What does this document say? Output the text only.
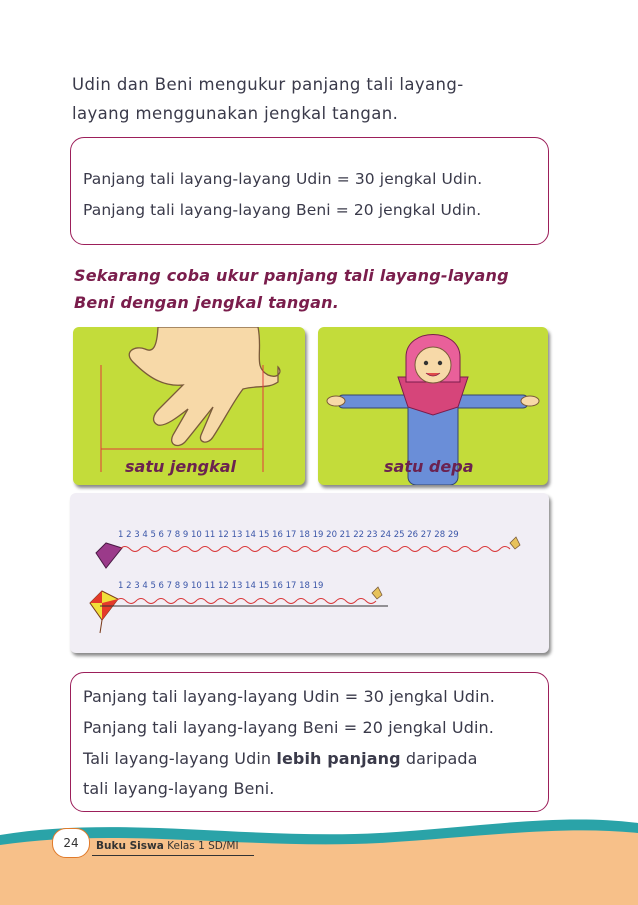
Udin dan Beni mengukur panjang tali layang-
layang menggunakan jengkal tangan.
Panjang tali layang-layang Udin = 30 jengkal Udin.
Panjang tali layang-layang Beni = 20 jengkal Udin.
Sekarang coba ukur panjang tali layang-layang
Beni dengan jengkal tangan.
satu jengkal	satu depa
1 2 3 4 5 6 7 8 9 10 11 12 13 14 15 16 17 18 19 20 21 22 23 24 25 26 27 28 29
1 2 3 4 5 6 7 8 9 10 11 12 13 14 15 16 17 18 19
Panjang tali layang-layang Udin = 30 jengkal Udin.
Panjang tali layang-layang Beni = 20 jengkal Udin.
Tali layang-layang Udin lebih panjang daripada
tali layang-layang Beni.
24	Buku Siswa Kelas 1 SD/MI
